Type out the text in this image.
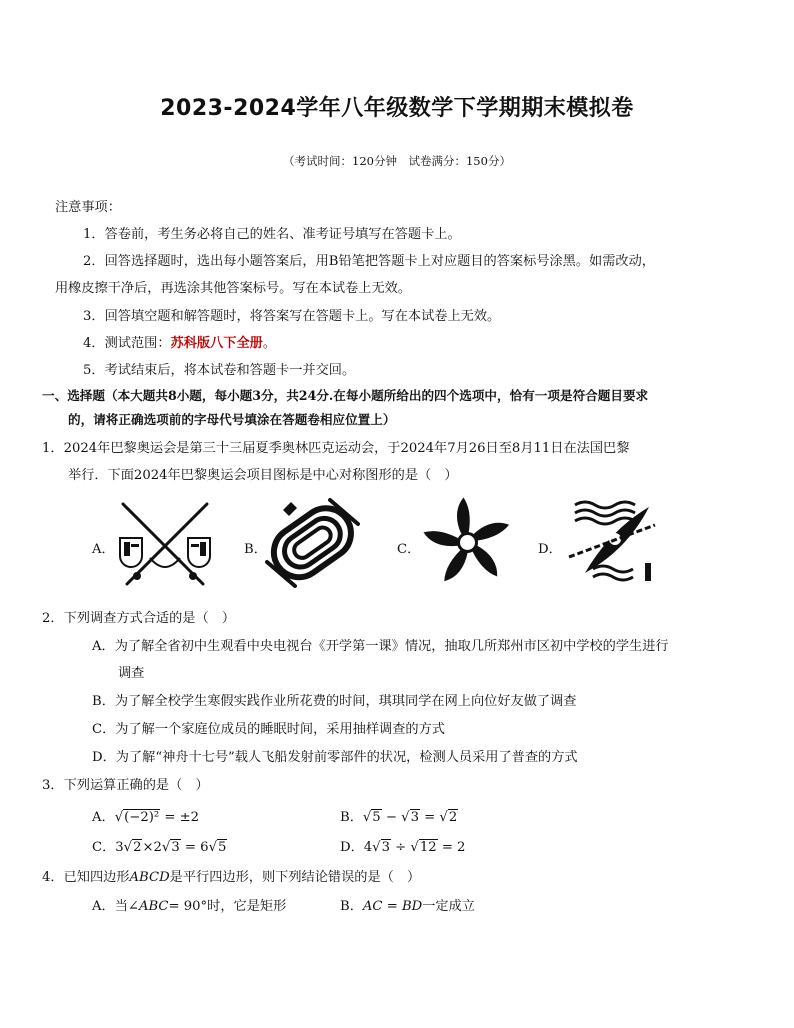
2023-2024学年八年级数学下学期期末模拟卷
（考试时间：120分钟　试卷满分：150分）
注意事项：
1．答卷前，考生务必将自己的姓名、准考证号填写在答题卡上。
2．回答选择题时，选出每小题答案后，用B铅笔把答题卡上对应题目的答案标号涂黑。如需改动，
用橡皮擦干净后，再选涂其他答案标号。写在本试卷上无效。
3．回答填空题和解答题时，将答案写在答题卡上。写在本试卷上无效。
4．测试范围：苏科版八下全册。
5．考试结束后，将本试卷和答题卡一并交回。
一、选择题（本大题共8小题，每小题3分，共24分.在每小题所给出的四个选项中，恰有一项是符合题目要求
的，请将正确选项前的字母代号填涂在答题卷相应位置上）
1．2024年巴黎奥运会是第三十三届夏季奥林匹克运动会，于2024年7月26日至8月11日在法国巴黎
举行．下面2024年巴黎奥运会项目图标是中心对称图形的是（　）
A．	B．	C．	D．
2．下列调查方式合适的是（　）
A．为了解全省初中生观看中央电视台《开学第一课》情况，抽取几所郑州市区初中学校的学生进行
调查
B．为了解全校学生寒假实践作业所花费的时间，琪琪同学在网上向位好友做了调查
C．为了解一个家庭位成员的睡眠时间，采用抽样调查的方式
D．为了解“神舟十七号”载人飞船发射前零部件的状况，检测人员采用了普查的方式
3．下列运算正确的是（　）
A．√(−2)² = ±2	B．√5 − √3 = √2
C．3√2×2√3 = 6√5	D．4√3 ÷ √12 = 2
4．已知四边形ABCD是平行四边形，则下列结论错误的是（　）
A．当∠ABC= 90°时，它是矩形	B．AC = BD一定成立
